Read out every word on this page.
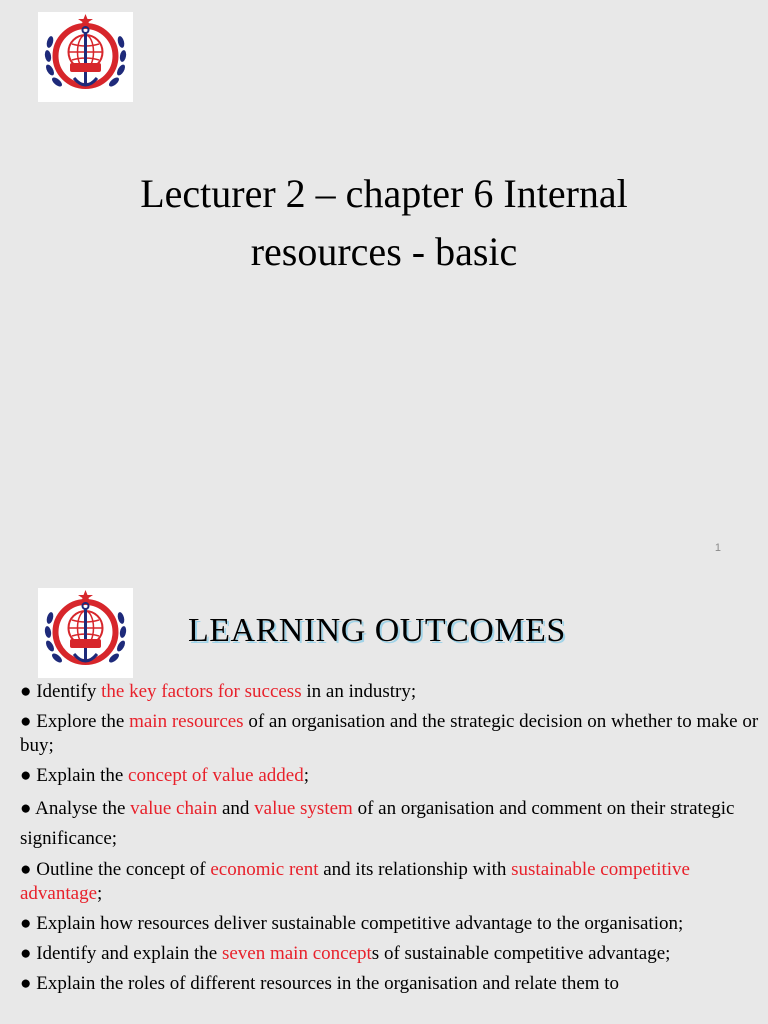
Lecturer 2 – chapter 6 Internal
resources - basic
1
LEARNING OUTCOMES
● Identify the key factors for success in an industry;
● Explore the main resources of an organisation and the strategic decision on whether to make or buy;
● Explain the concept of value added;
● Analyse the value chain and value system of an organisation and comment on their strategic significance;
● Outline the concept of economic rent and its relationship with sustainable competitive advantage;
● Explain how resources deliver sustainable competitive advantage to the organisation;
● Identify and explain the seven main concepts of sustainable competitive advantage;
● Explain the roles of different resources in the organisation and relate them to
